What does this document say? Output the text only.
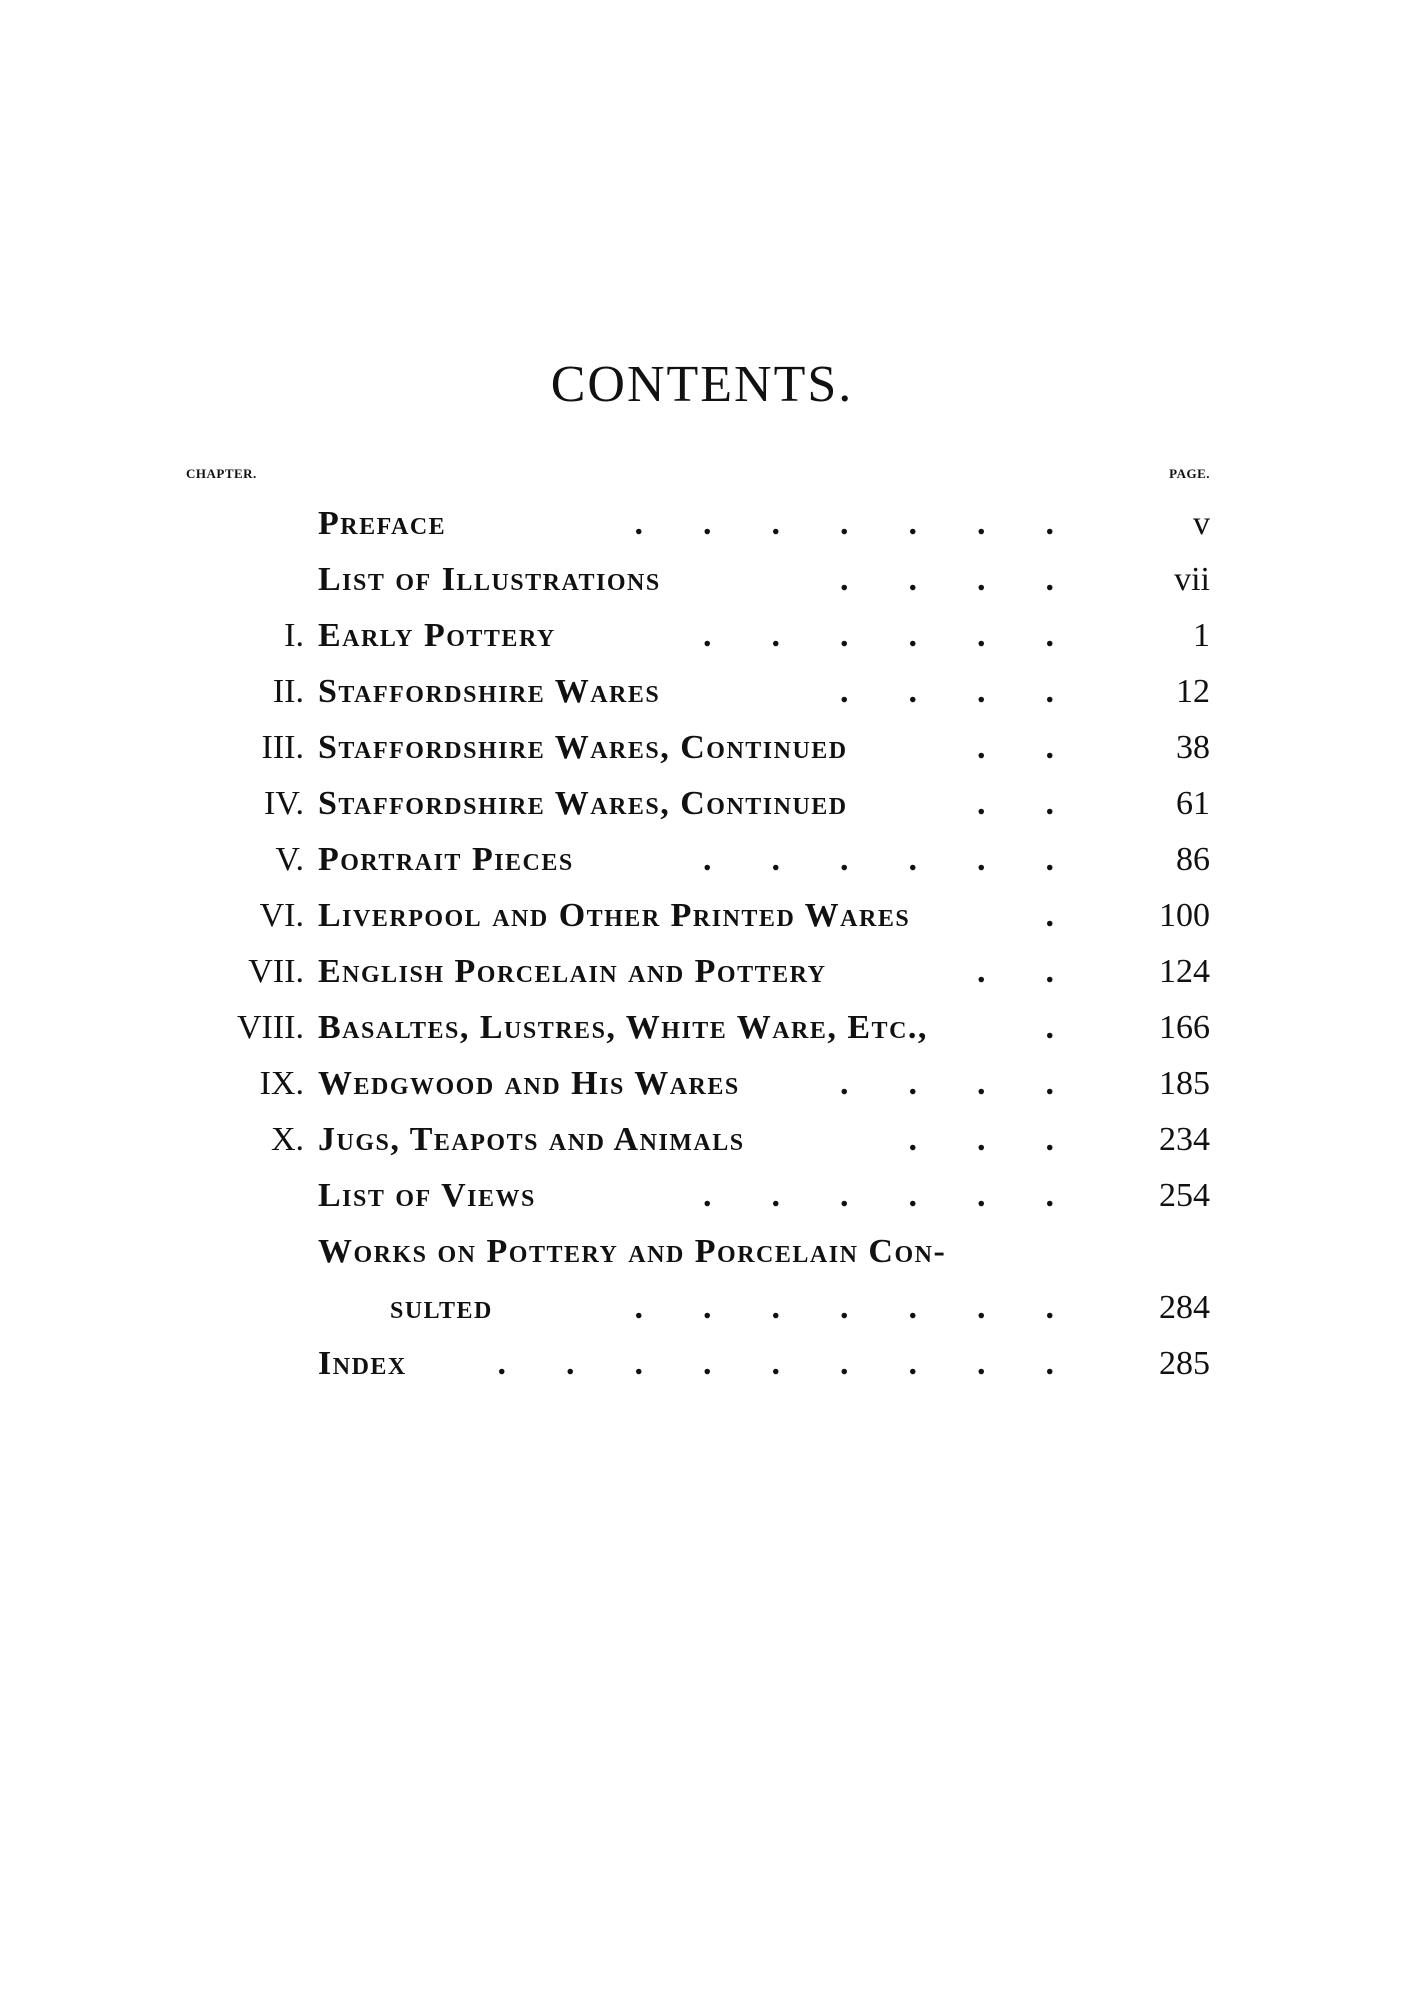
CONTENTS.
CHAPTER.	PAGE.
Preface	.......	v
List of Illustrations	....	vii
I. Early Pottery	......	1
II. Staffordshire Wares	....	12
III. Staffordshire Wares, Continued	..	38
IV. Staffordshire Wares, Continued	..	61
V. Portrait Pieces	......	86
VI. Liverpool and Other Printed Wares	.	100
VII. English Porcelain and Pottery	..	124
VIII. Basaltes, Lustres, White Ware, Etc.,	.	166
IX. Wedgwood and His Wares	....	185
X. Jugs, Teapots and Animals	...	234
List of Views	......	254
Works on Pottery and Porcelain Con-
sulted	.......	284
Index	.........	285
